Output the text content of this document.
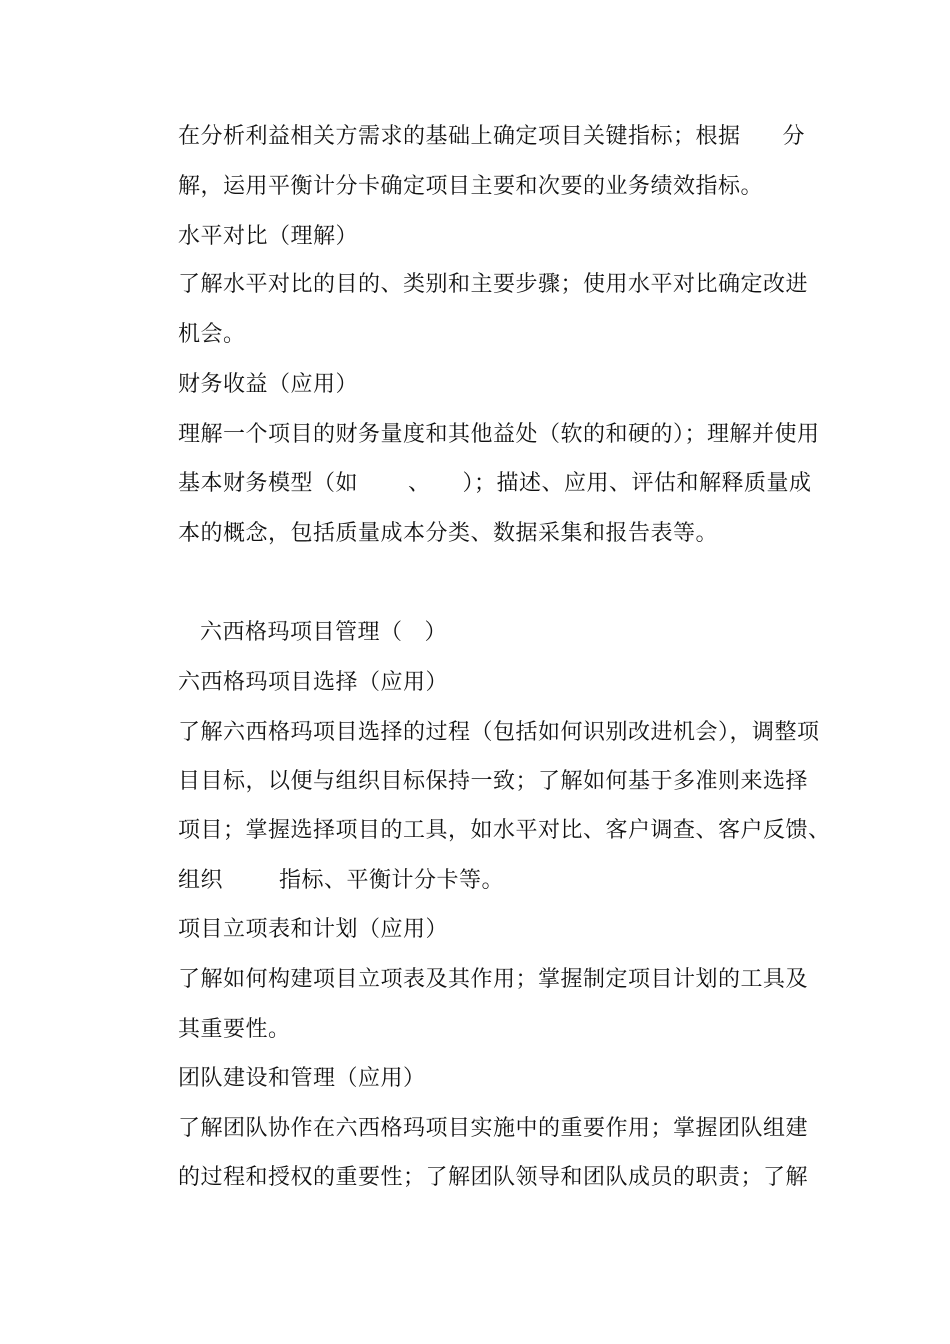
在分析利益相关方需求的基础上确定项目关键指标；根据 分
解，运用平衡计分卡确定项目主要和次要的业务绩效指标。
水平对比（理解）
了解水平对比的目的、类别和主要步骤；使用水平对比确定改进
机会。
财务收益（应用）
理解一个项目的财务量度和其他益处（软的和硬的）；理解并使用
基本财务模型（如 、 ）；描述、应用、评估和解释质量成
本的概念，包括质量成本分类、数据采集和报告表等。
六西格玛项目管理（ ）
六西格玛项目选择（应用）
了解六西格玛项目选择的过程（包括如何识别改进机会），调整项
目目标，以便与组织目标保持一致；了解如何基于多准则来选择
项目；掌握选择项目的工具，如水平对比、客户调查、客户反馈、
组织	指标、平衡计分卡等。
项目立项表和计划（应用）
了解如何构建项目立项表及其作用；掌握制定项目计划的工具及
其重要性。
团队建设和管理（应用）
了解团队协作在六西格玛项目实施中的重要作用；掌握团队组建
的过程和授权的重要性；了解团队领导和团队成员的职责；了解
